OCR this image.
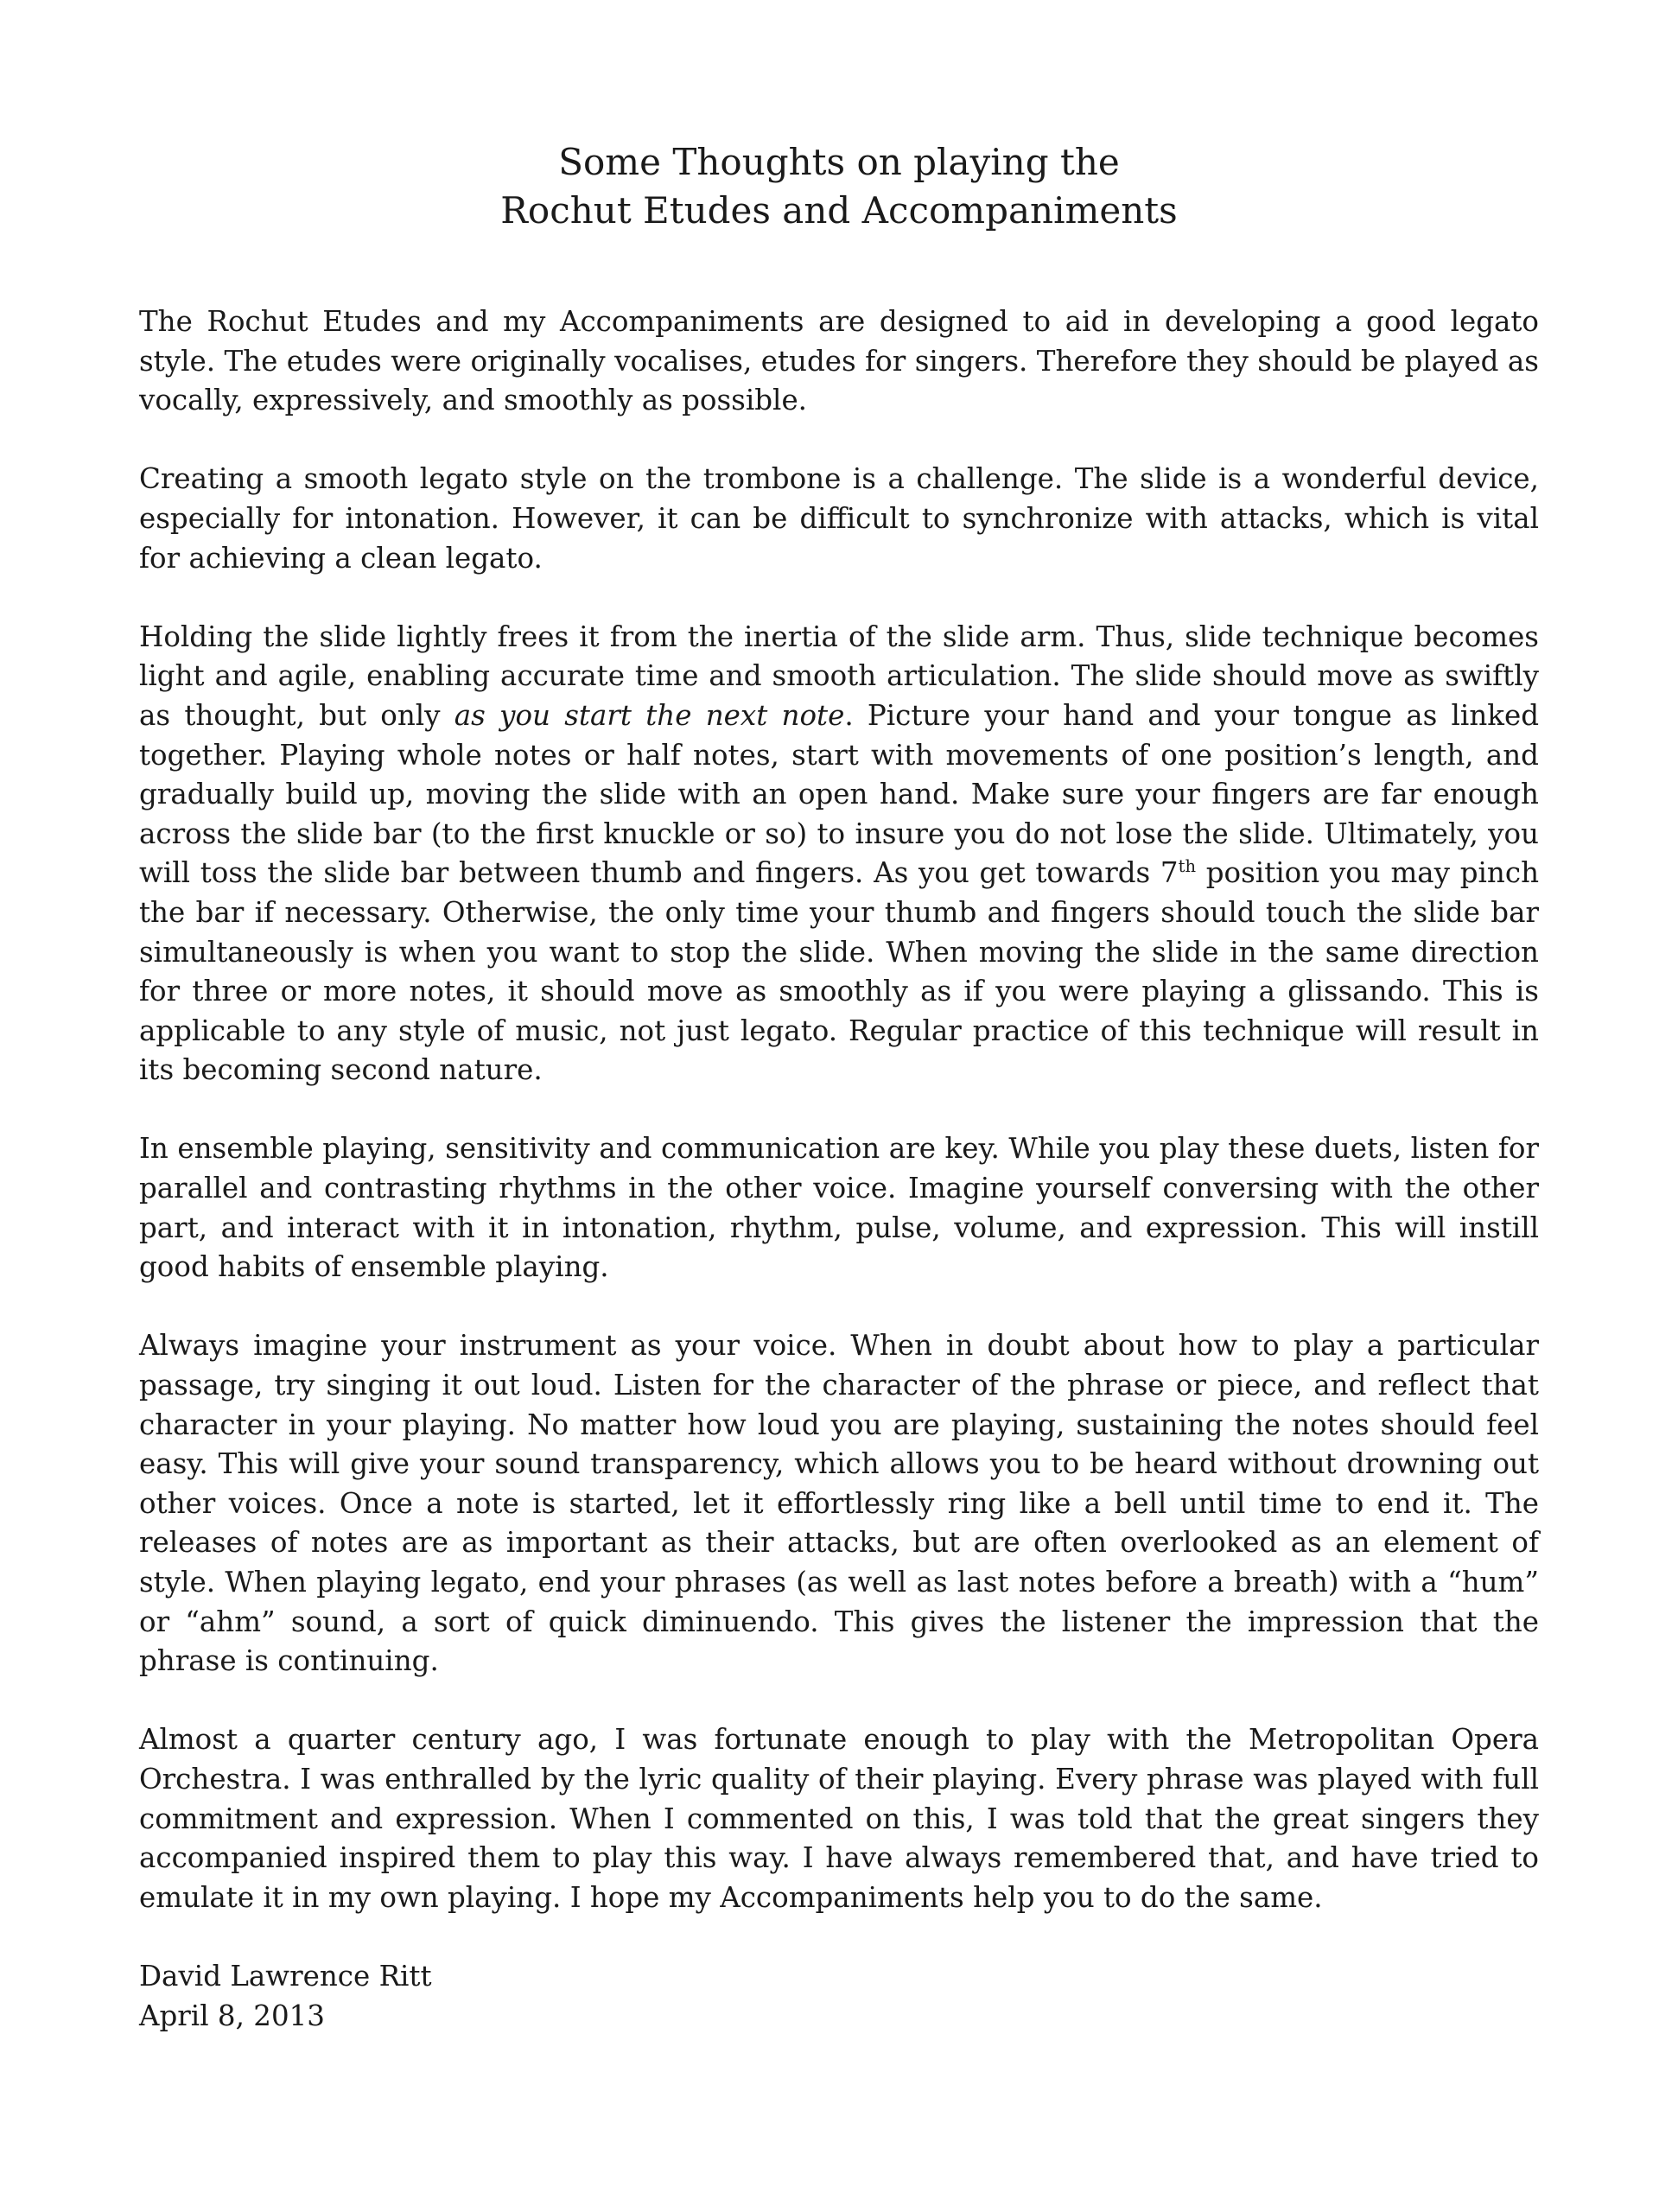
Some Thoughts on playing the
Rochut Etudes and Accompaniments

The Rochut Etudes and my Accompaniments are designed to aid in developing a good legato style. The etudes were originally vocalises, etudes for singers. Therefore they should be played as vocally, expressively, and smoothly as possible.

Creating a smooth legato style on the trombone is a challenge. The slide is a wonderful device, especially for intonation. However, it can be difficult to synchronize with attacks, which is vital for achieving a clean legato.

Holding the slide lightly frees it from the inertia of the slide arm. Thus, slide technique becomes light and agile, enabling accurate time and smooth articulation. The slide should move as swiftly as thought, but only as you start the next note. Picture your hand and your tongue as linked together. Playing whole notes or half notes, start with movements of one position’s length, and gradually build up, moving the slide with an open hand. Make sure your fingers are far enough across the slide bar (to the first knuckle or so) to insure you do not lose the slide. Ultimately, you will toss the slide bar between thumb and fingers. As you get towards 7th position you may pinch the bar if necessary. Otherwise, the only time your thumb and fingers should touch the slide bar simultaneously is when you want to stop the slide. When moving the slide in the same direction for three or more notes, it should move as smoothly as if you were playing a glissando. This is applicable to any style of music, not just legato. Regular practice of this technique will result in its becoming second nature.

In ensemble playing, sensitivity and communication are key. While you play these duets, listen for parallel and contrasting rhythms in the other voice. Imagine yourself conversing with the other part, and interact with it in intonation, rhythm, pulse, volume, and expression. This will instill good habits of ensemble playing.

Always imagine your instrument as your voice. When in doubt about how to play a particular passage, try singing it out loud. Listen for the character of the phrase or piece, and reflect that character in your playing. No matter how loud you are playing, sustaining the notes should feel easy. This will give your sound transparency, which allows you to be heard without drowning out other voices. Once a note is started, let it effortlessly ring like a bell until time to end it. The releases of notes are as important as their attacks, but are often overlooked as an element of style. When playing legato, end your phrases (as well as last notes before a breath) with a “hum” or “ahm” sound, a sort of quick diminuendo. This gives the listener the impression that the phrase is continuing.

Almost a quarter century ago, I was fortunate enough to play with the Metropolitan Opera Orchestra. I was enthralled by the lyric quality of their playing. Every phrase was played with full commitment and expression. When I commented on this, I was told that the great singers they accompanied inspired them to play this way. I have always remembered that, and have tried to emulate it in my own playing. I hope my Accompaniments help you to do the same.

David Lawrence Ritt
April 8, 2013
